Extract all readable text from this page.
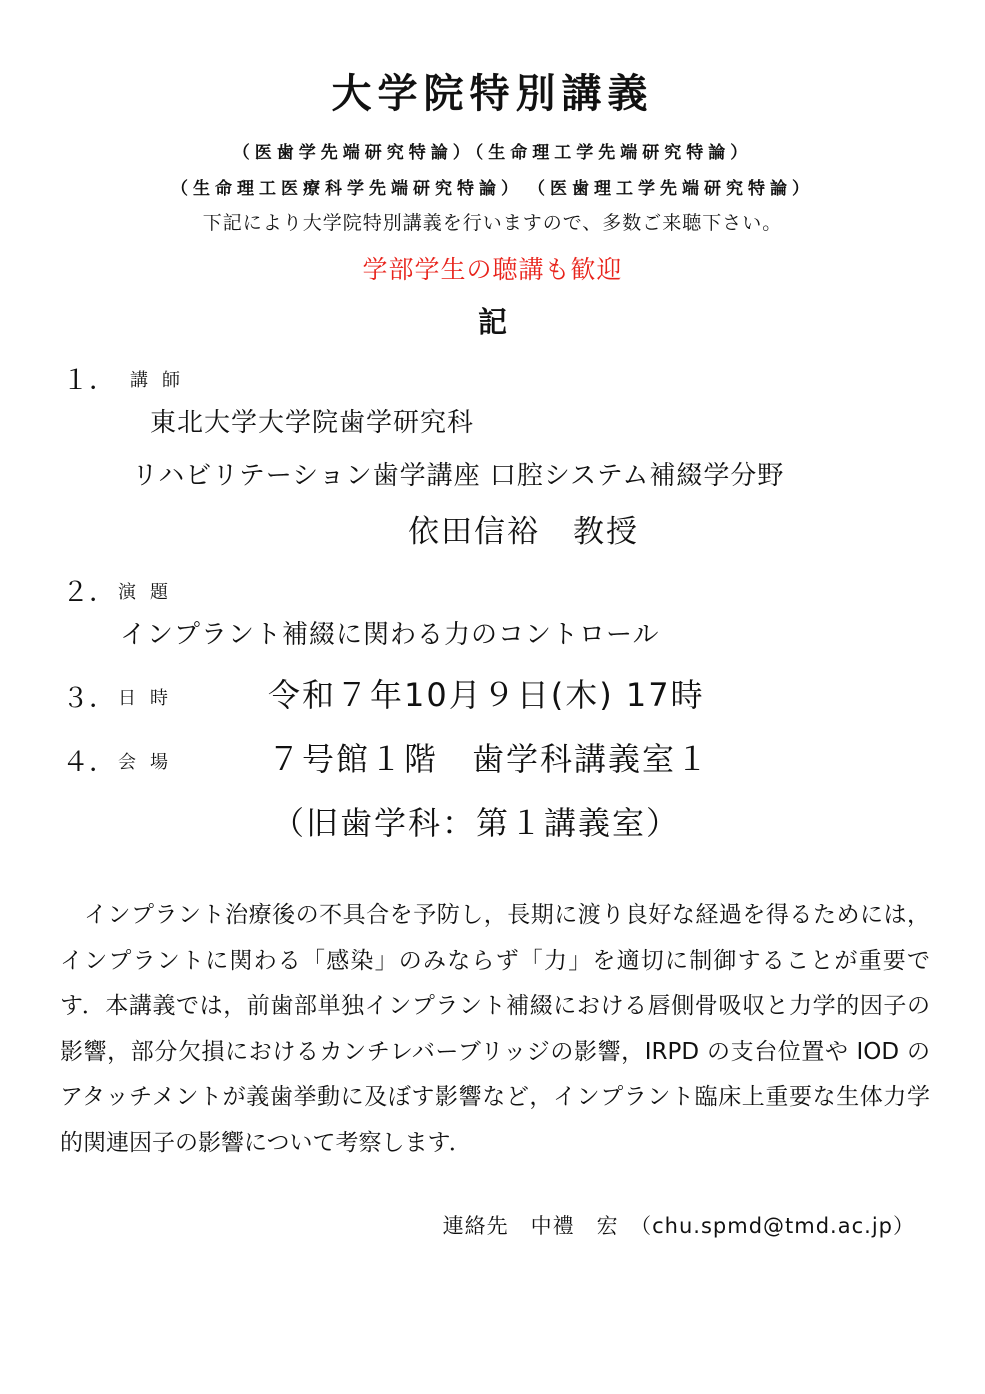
大学院特別講義
（医歯学先端研究特論）（生命理工学先端研究特論）
（生命理工医療科学先端研究特論）　（医歯理工学先端研究特論）
下記により大学院特別講義を行いますので、多数ご来聴下さい。
学部学生の聴講も歓迎
記
１． 講師
東北大学大学院歯学研究科
リハビリテーション歯学講座 口腔システム補綴学分野
依田信裕　教授
２． 演題
インプラント補綴に関わる力のコントロール
３． 日時	令和７年10月９日(木) 17時
４． 会場	７号館１階　歯学科講義室１
（旧歯学科：第１講義室）
インプラント治療後の不具合を予防し，長期に渡り良好な経過を得るためには，インプラントに関わる「感染」のみならず「力」を適切に制御することが重要です．本講義では，前歯部単独インプラント補綴における唇側骨吸収と力学的因子の影響，部分欠損におけるカンチレバーブリッジの影響，IRPD の支台位置や IOD のアタッチメントが義歯挙動に及ぼす影響など，インプラント臨床上重要な生体力学的関連因子の影響について考察します．
連絡先　中禮　宏　（chu.spmd@tmd.ac.jp）
